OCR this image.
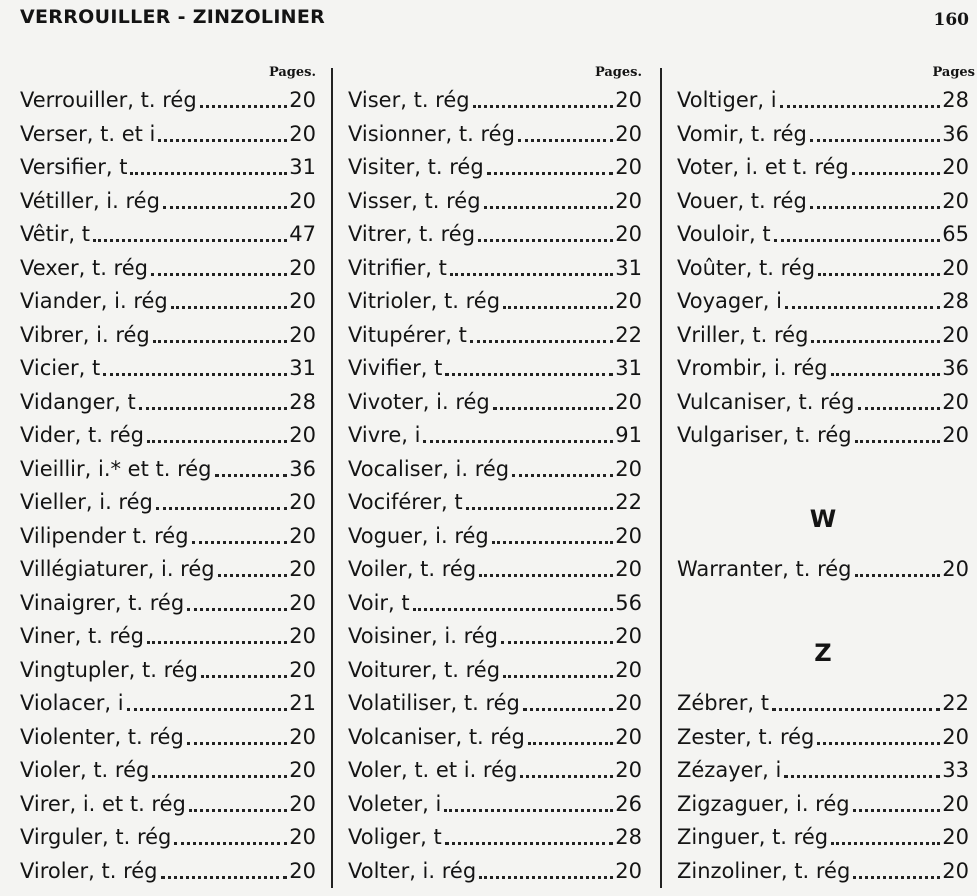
VERROUILLER - ZINZOLINER	160
Pages.
Verrouiller, t. rég	20
Verser, t. et i	20
Versifier, t	31
Vétiller, i. rég	20
Vêtir, t	47
Vexer, t. rég	20
Viander, i. rég	20
Vibrer, i. rég	20
Vicier, t	31
Vidanger, t	28
Vider, t. rég	20
Vieillir, i.* et t. rég	36
Vieller, i. rég	20
Vilipender t. rég	20
Villégiaturer, i. rég	20
Vinaigrer, t. rég	20
Viner, t. rég	20
Vingtupler, t. rég	20
Violacer, i	21
Violenter, t. rég	20
Violer, t. rég	20
Virer, i. et t. rég	20
Virguler, t. rég	20
Viroler, t. rég	20
Pages.
Viser, t. rég	20
Visionner, t. rég	20
Visiter, t. rég	20
Visser, t. rég	20
Vitrer, t. rég	20
Vitrifier, t	31
Vitrioler, t. rég	20
Vitupérer, t	22
Vivifier, t	31
Vivoter, i. rég	20
Vivre, i	91
Vocaliser, i. rég	20
Vociférer, t	22
Voguer, i. rég	20
Voiler, t. rég	20
Voir, t	56
Voisiner, i. rég	20
Voiturer, t. rég	20
Volatiliser, t. rég	20
Volcaniser, t. rég	20
Voler, t. et i. rég	20
Voleter, i	26
Voliger, t	28
Volter, i. rég	20
Pages
Voltiger, i	28
Vomir, t. rég	36
Voter, i. et t. rég	20
Vouer, t. rég	20
Vouloir, t	65
Voûter, t. rég	20
Voyager, i	28
Vriller, t. rég	20
Vrombir, i. rég	36
Vulcaniser, t. rég	20
Vulgariser, t. rég	20
W
Warranter, t. rég	20
Z
Zébrer, t	22
Zester, t. rég	20
Zézayer, i	33
Zigzaguer, i. rég	20
Zinguer, t. rég	20
Zinzoliner, t. rég	20
